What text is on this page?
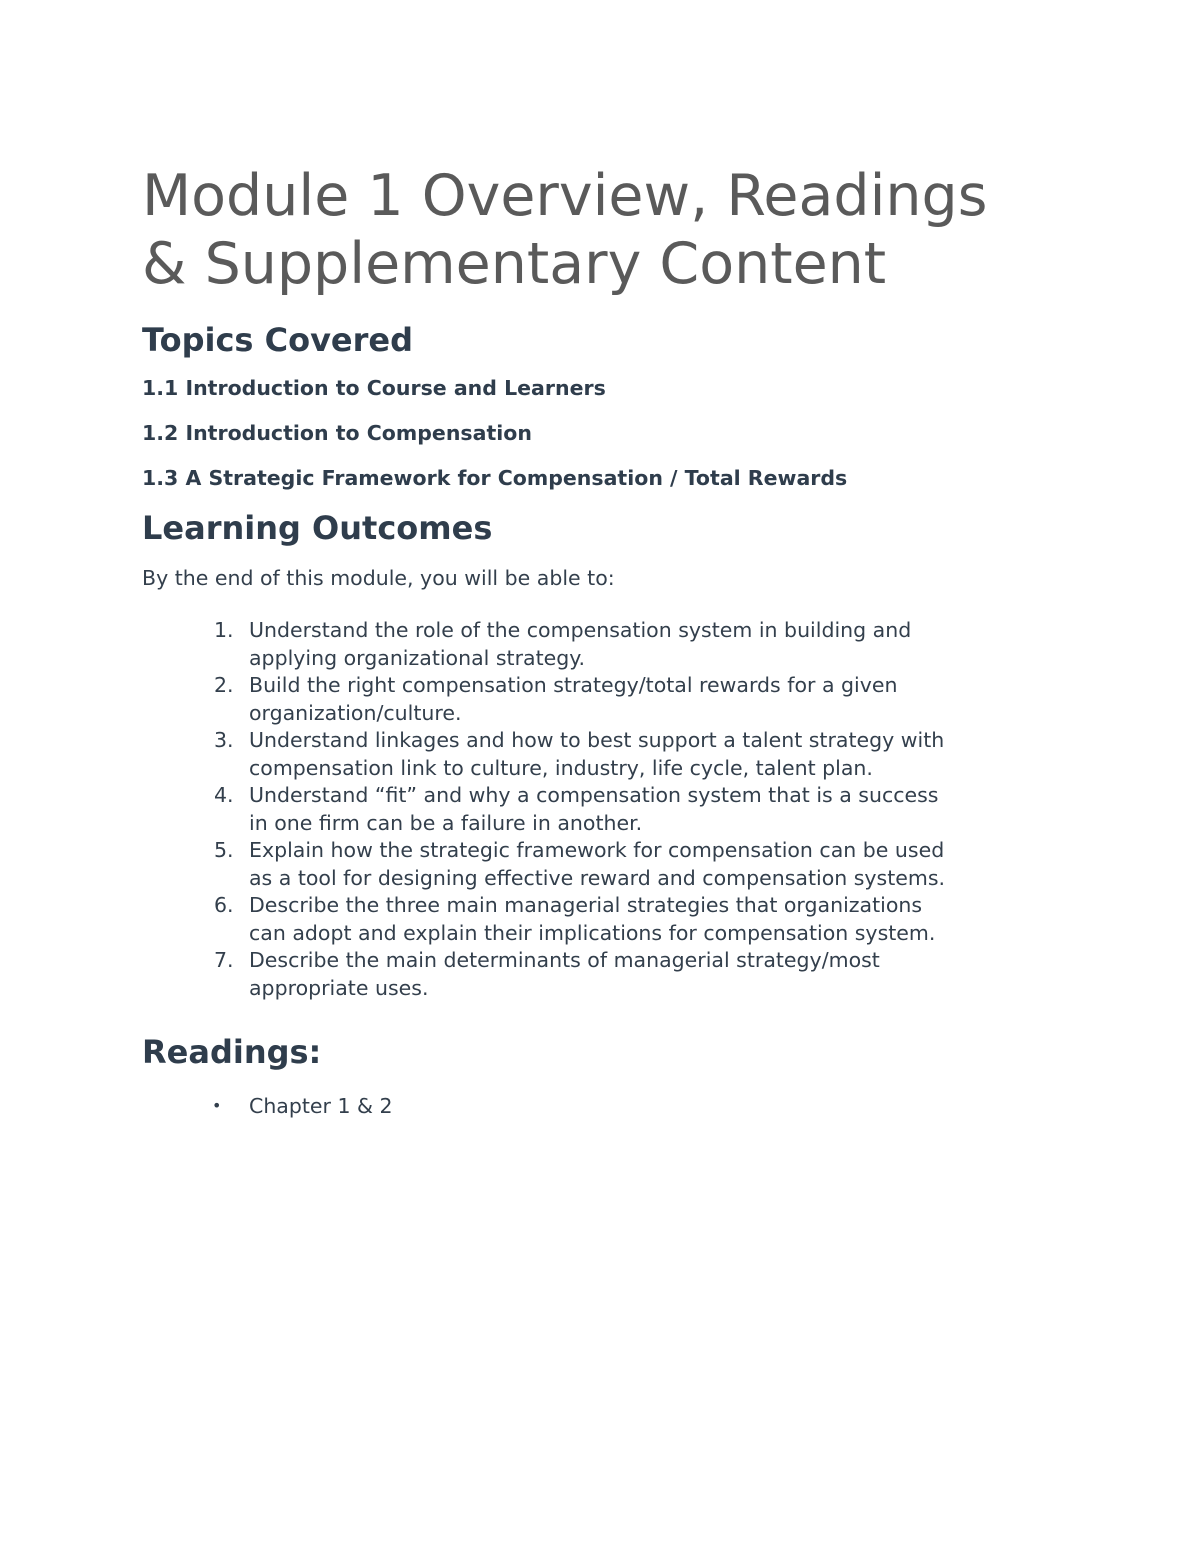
Module 1 Overview, Readings
& Supplementary Content
Topics Covered

1.1 Introduction to Course and Learners

1.2 Introduction to Compensation

1.3 A Strategic Framework for Compensation / Total Rewards

Learning Outcomes

By the end of this module, you will be able to:

1. Understand the role of the compensation system in building and
applying organizational strategy.
2. Build the right compensation strategy/total rewards for a given
organization/culture.
3. Understand linkages and how to best support a talent strategy with
compensation link to culture, industry, life cycle, talent plan.
4. Understand “fit” and why a compensation system that is a success
in one firm can be a failure in another.
5. Explain how the strategic framework for compensation can be used
as a tool for designing effective reward and compensation systems.
6. Describe the three main managerial strategies that organizations
can adopt and explain their implications for compensation system.
7. Describe the main determinants of managerial strategy/most
appropriate uses.
Readings:
• Chapter 1 & 2
